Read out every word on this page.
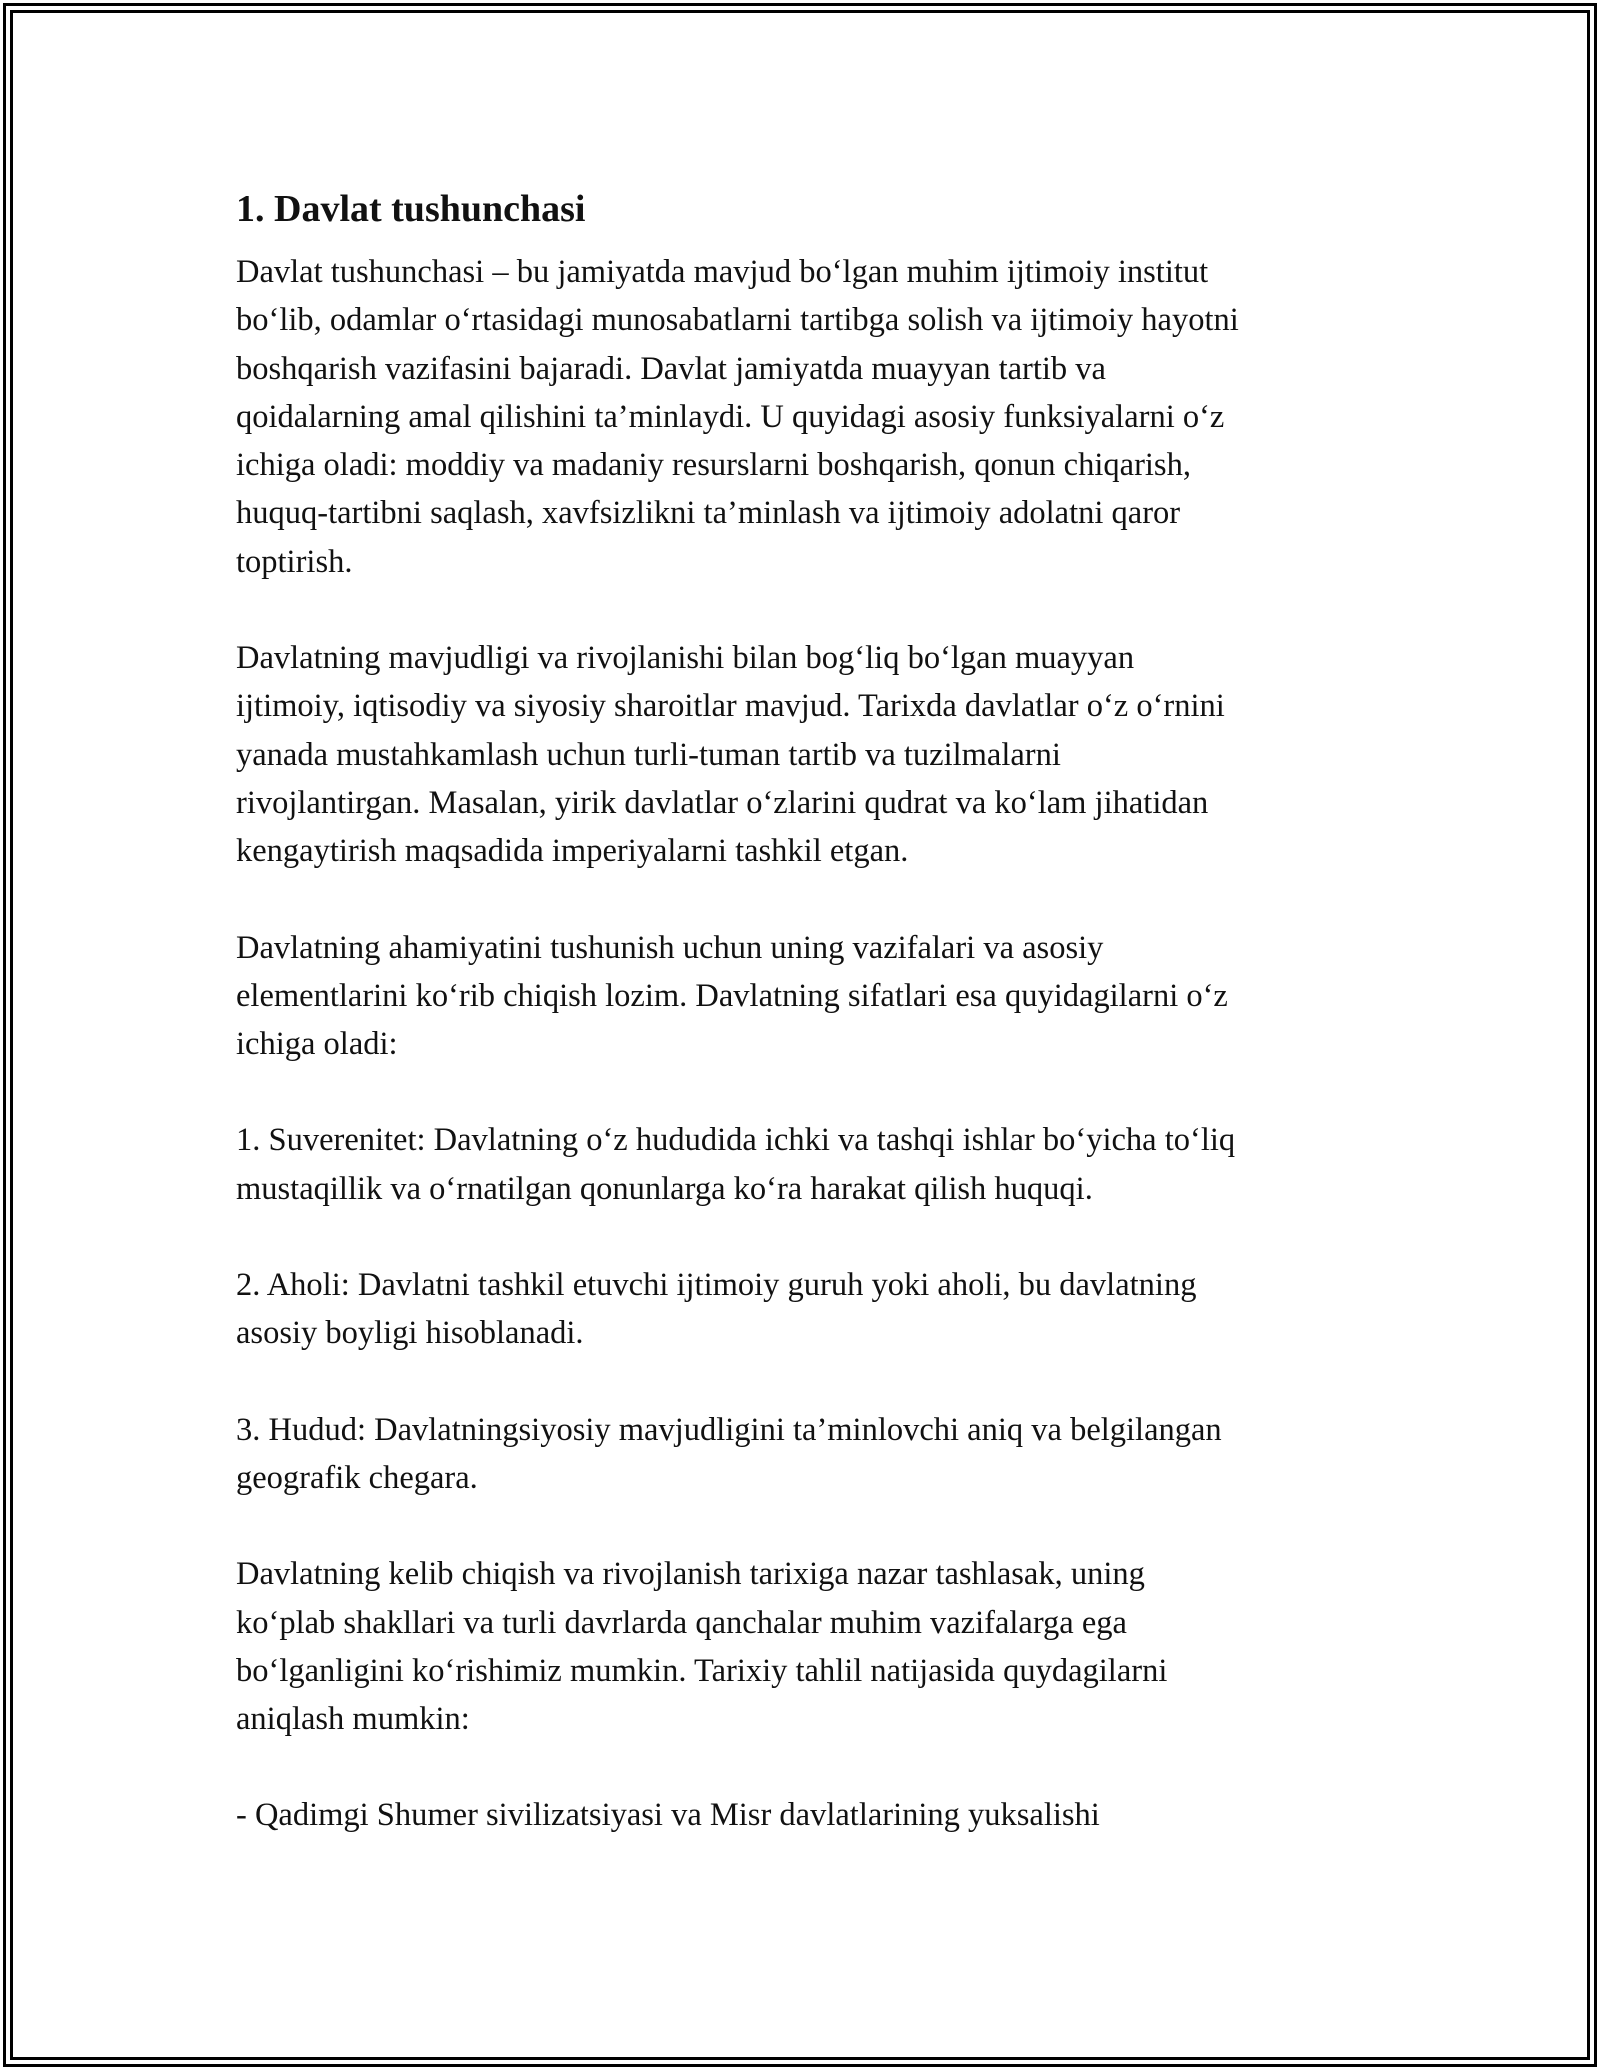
1. Davlat tushunchasi
Davlat tushunchasi – bu jamiyatda mavjud bo‘lgan muhim ijtimoiy institut
bo‘lib, odamlar o‘rtasidagi munosabatlarni tartibga solish va ijtimoiy hayotni
boshqarish vazifasini bajaradi. Davlat jamiyatda muayyan tartib va
qoidalarning amal qilishini ta’minlaydi. U quyidagi asosiy funksiyalarni o‘z
ichiga oladi: moddiy va madaniy resurslarni boshqarish, qonun chiqarish,
huquq-tartibni saqlash, xavfsizlikni ta’minlash va ijtimoiy adolatni qaror
toptirish.
Davlatning mavjudligi va rivojlanishi bilan bog‘liq bo‘lgan muayyan
ijtimoiy, iqtisodiy va siyosiy sharoitlar mavjud. Tarixda davlatlar o‘z o‘rnini
yanada mustahkamlash uchun turli-tuman tartib va tuzilmalarni
rivojlantirgan. Masalan, yirik davlatlar o‘zlarini qudrat va ko‘lam jihatidan
kengaytirish maqsadida imperiyalarni tashkil etgan.
Davlatning ahamiyatini tushunish uchun uning vazifalari va asosiy
elementlarini ko‘rib chiqish lozim. Davlatning sifatlari esa quyidagilarni o‘z
ichiga oladi:
1. Suverenitet: Davlatning o‘z hududida ichki va tashqi ishlar bo‘yicha to‘liq
mustaqillik va o‘rnatilgan qonunlarga ko‘ra harakat qilish huquqi.
2. Aholi: Davlatni tashkil etuvchi ijtimoiy guruh yoki aholi, bu davlatning
asosiy boyligi hisoblanadi.
3. Hudud: Davlatningsiyosiy mavjudligini ta’minlovchi aniq va belgilangan
geografik chegara.
Davlatning kelib chiqish va rivojlanish tarixiga nazar tashlasak, uning
ko‘plab shakllari va turli davrlarda qanchalar muhim vazifalarga ega
bo‘lganligini ko‘rishimiz mumkin. Tarixiy tahlil natijasida quydagilarni
aniqlash mumkin:
- Qadimgi Shumer sivilizatsiyasi va Misr davlatlarining yuksalishi
